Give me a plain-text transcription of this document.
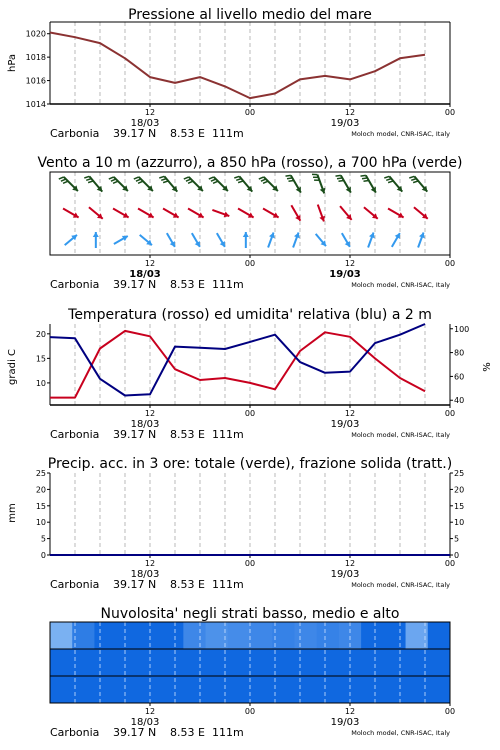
Pressione al livello medio del mare
hPa
Vento a 10 m (azzurro), a 850 hPa (rosso), a 700 hPa (verde)
Temperatura (rosso) ed umidita' relativa (blu) a 2 m
gradi C	%
Precip. acc. in 3 ore: totale (verde), frazione solida (tratt.)
mm
Nuvolosita' negli strati basso, medio e alto
12	00	12	00
18/03	19/03
Carbonia 39.17 N 8.53 E 111m	Moloch model, CNR-ISAC, Italy
1014
1016
1018
1020
12	00	12	00
18/03	19/03
Carbonia 39.17 N 8.53 E 111m	Moloch model, CNR-ISAC, Italy
12	00	12	00
18/03	19/03
Carbonia 39.17 N 8.53 E 111m	Moloch model, CNR-ISAC, Italy
10
15
20
40
60
80
100
12	00	12	00
18/03	19/03
Carbonia 39.17 N 8.53 E 111m	Moloch model, CNR-ISAC, Italy
0
5
10
15
20
25
0
5
10
15
20
25
12	00	12	00
18/03	19/03
Carbonia 39.17 N 8.53 E 111m	Moloch model, CNR-ISAC, Italy
